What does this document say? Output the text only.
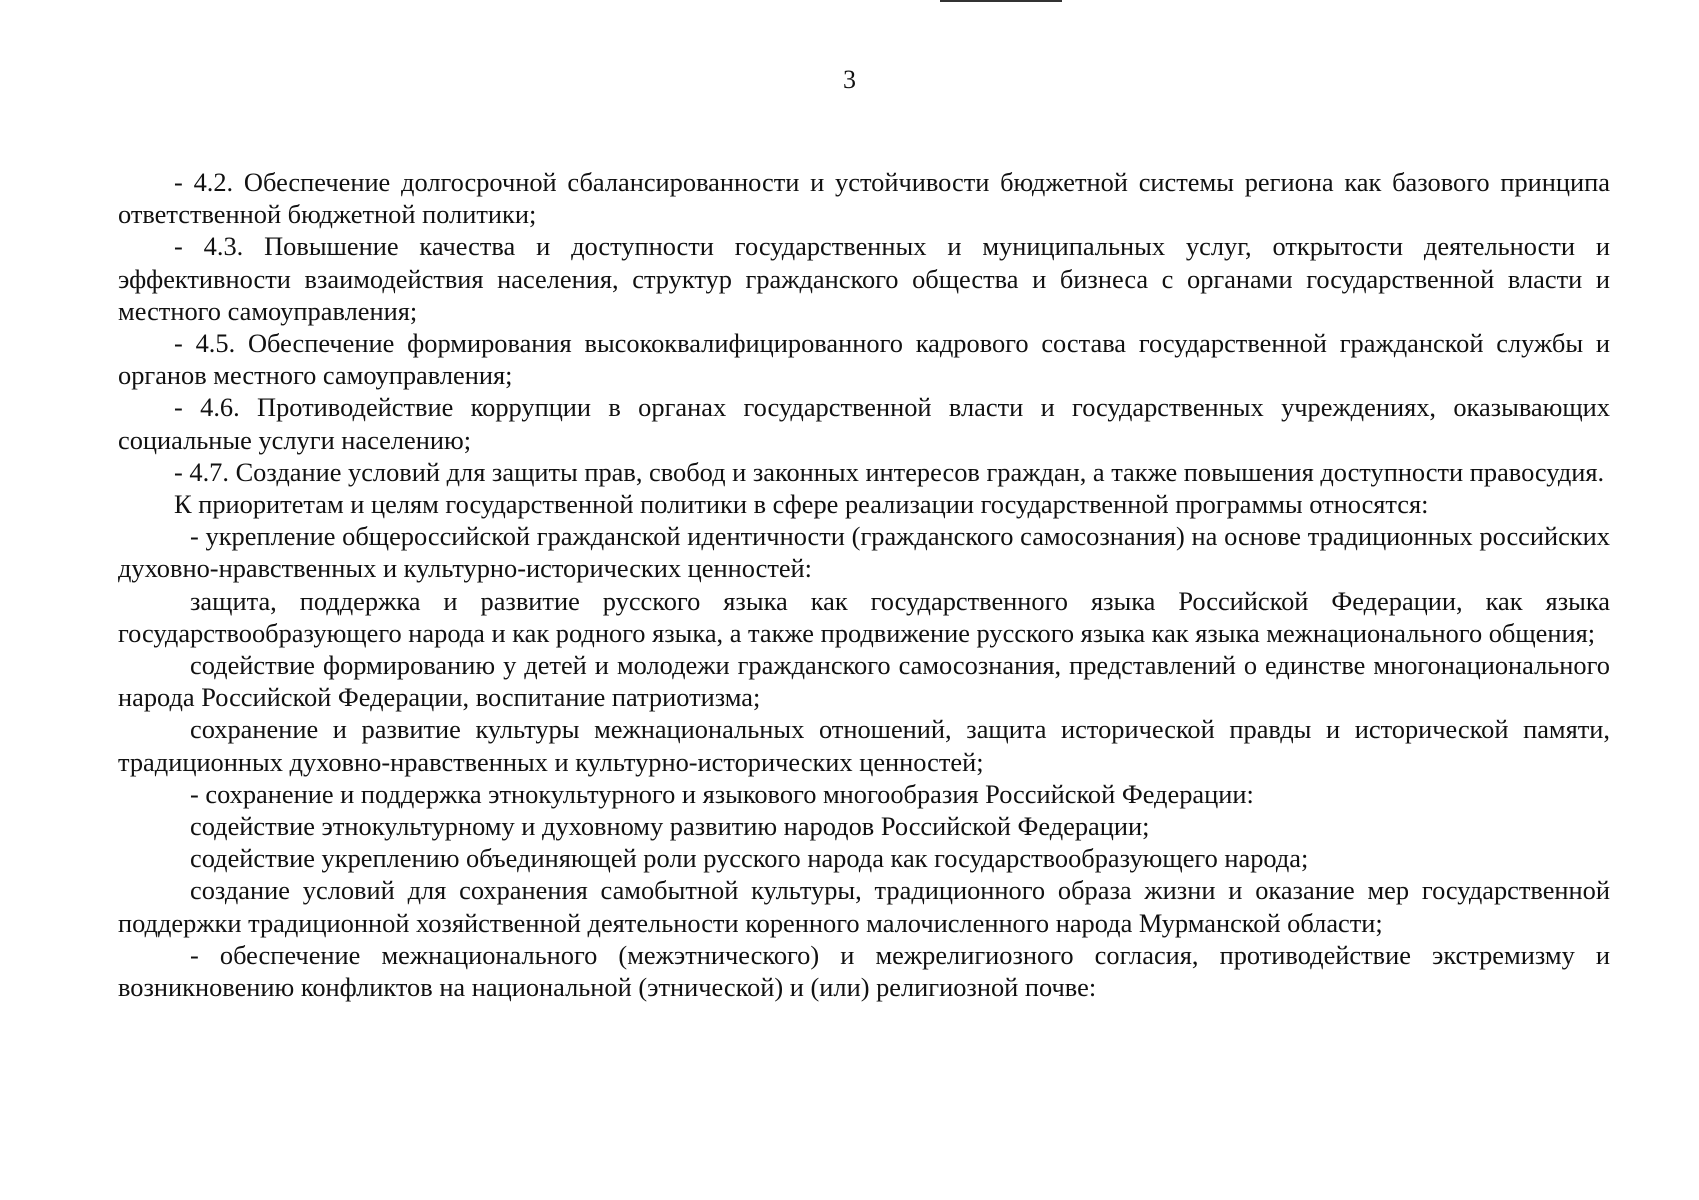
3

- 4.2. Обеспечение долгосрочной сбалансированности и устойчивости бюджетной системы региона как базового принципа ответственной бюджетной политики;

- 4.3. Повышение качества и доступности государственных и муниципальных услуг, открытости деятельности и эффективности взаимодействия населения, структур гражданского общества и бизнеса с органами государственной власти и местного самоуправления;

- 4.5. Обеспечение формирования высококвалифицированного кадрового состава государственной гражданской службы и органов местного самоуправления;

- 4.6. Противодействие коррупции в органах государственной власти и государственных учреждениях, оказывающих социальные услуги населению;

- 4.7. Создание условий для защиты прав, свобод и законных интересов граждан, а также повышения доступности правосудия.

К приоритетам и целям государственной политики в сфере реализации государственной программы относятся:

- укрепление общероссийской гражданской идентичности (гражданского самосознания) на основе традиционных российских духовно-нравственных и культурно-исторических ценностей:

защита, поддержка и развитие русского языка как государственного языка Российской Федерации, как языка государствообразующего народа и как родного языка, а также продвижение русского языка как языка межнационального общения;

содействие формированию у детей и молодежи гражданского самосознания, представлений о единстве многонационального народа Российской Федерации, воспитание патриотизма;

сохранение и развитие культуры межнациональных отношений, защита исторической правды и исторической памяти, традиционных духовно-нравственных и культурно-исторических ценностей;

- сохранение и поддержка этнокультурного и языкового многообразия Российской Федерации:

содействие этнокультурному и духовному развитию народов Российской Федерации;

содействие укреплению объединяющей роли русского народа как государствообразующего народа;

создание условий для сохранения самобытной культуры, традиционного образа жизни и оказание мер государственной поддержки традиционной хозяйственной деятельности коренного малочисленного народа Мурманской области;

- обеспечение межнационального (межэтнического) и межрелигиозного согласия, противодействие экстремизму и возникновению конфликтов на национальной (этнической) и (или) религиозной почве:
